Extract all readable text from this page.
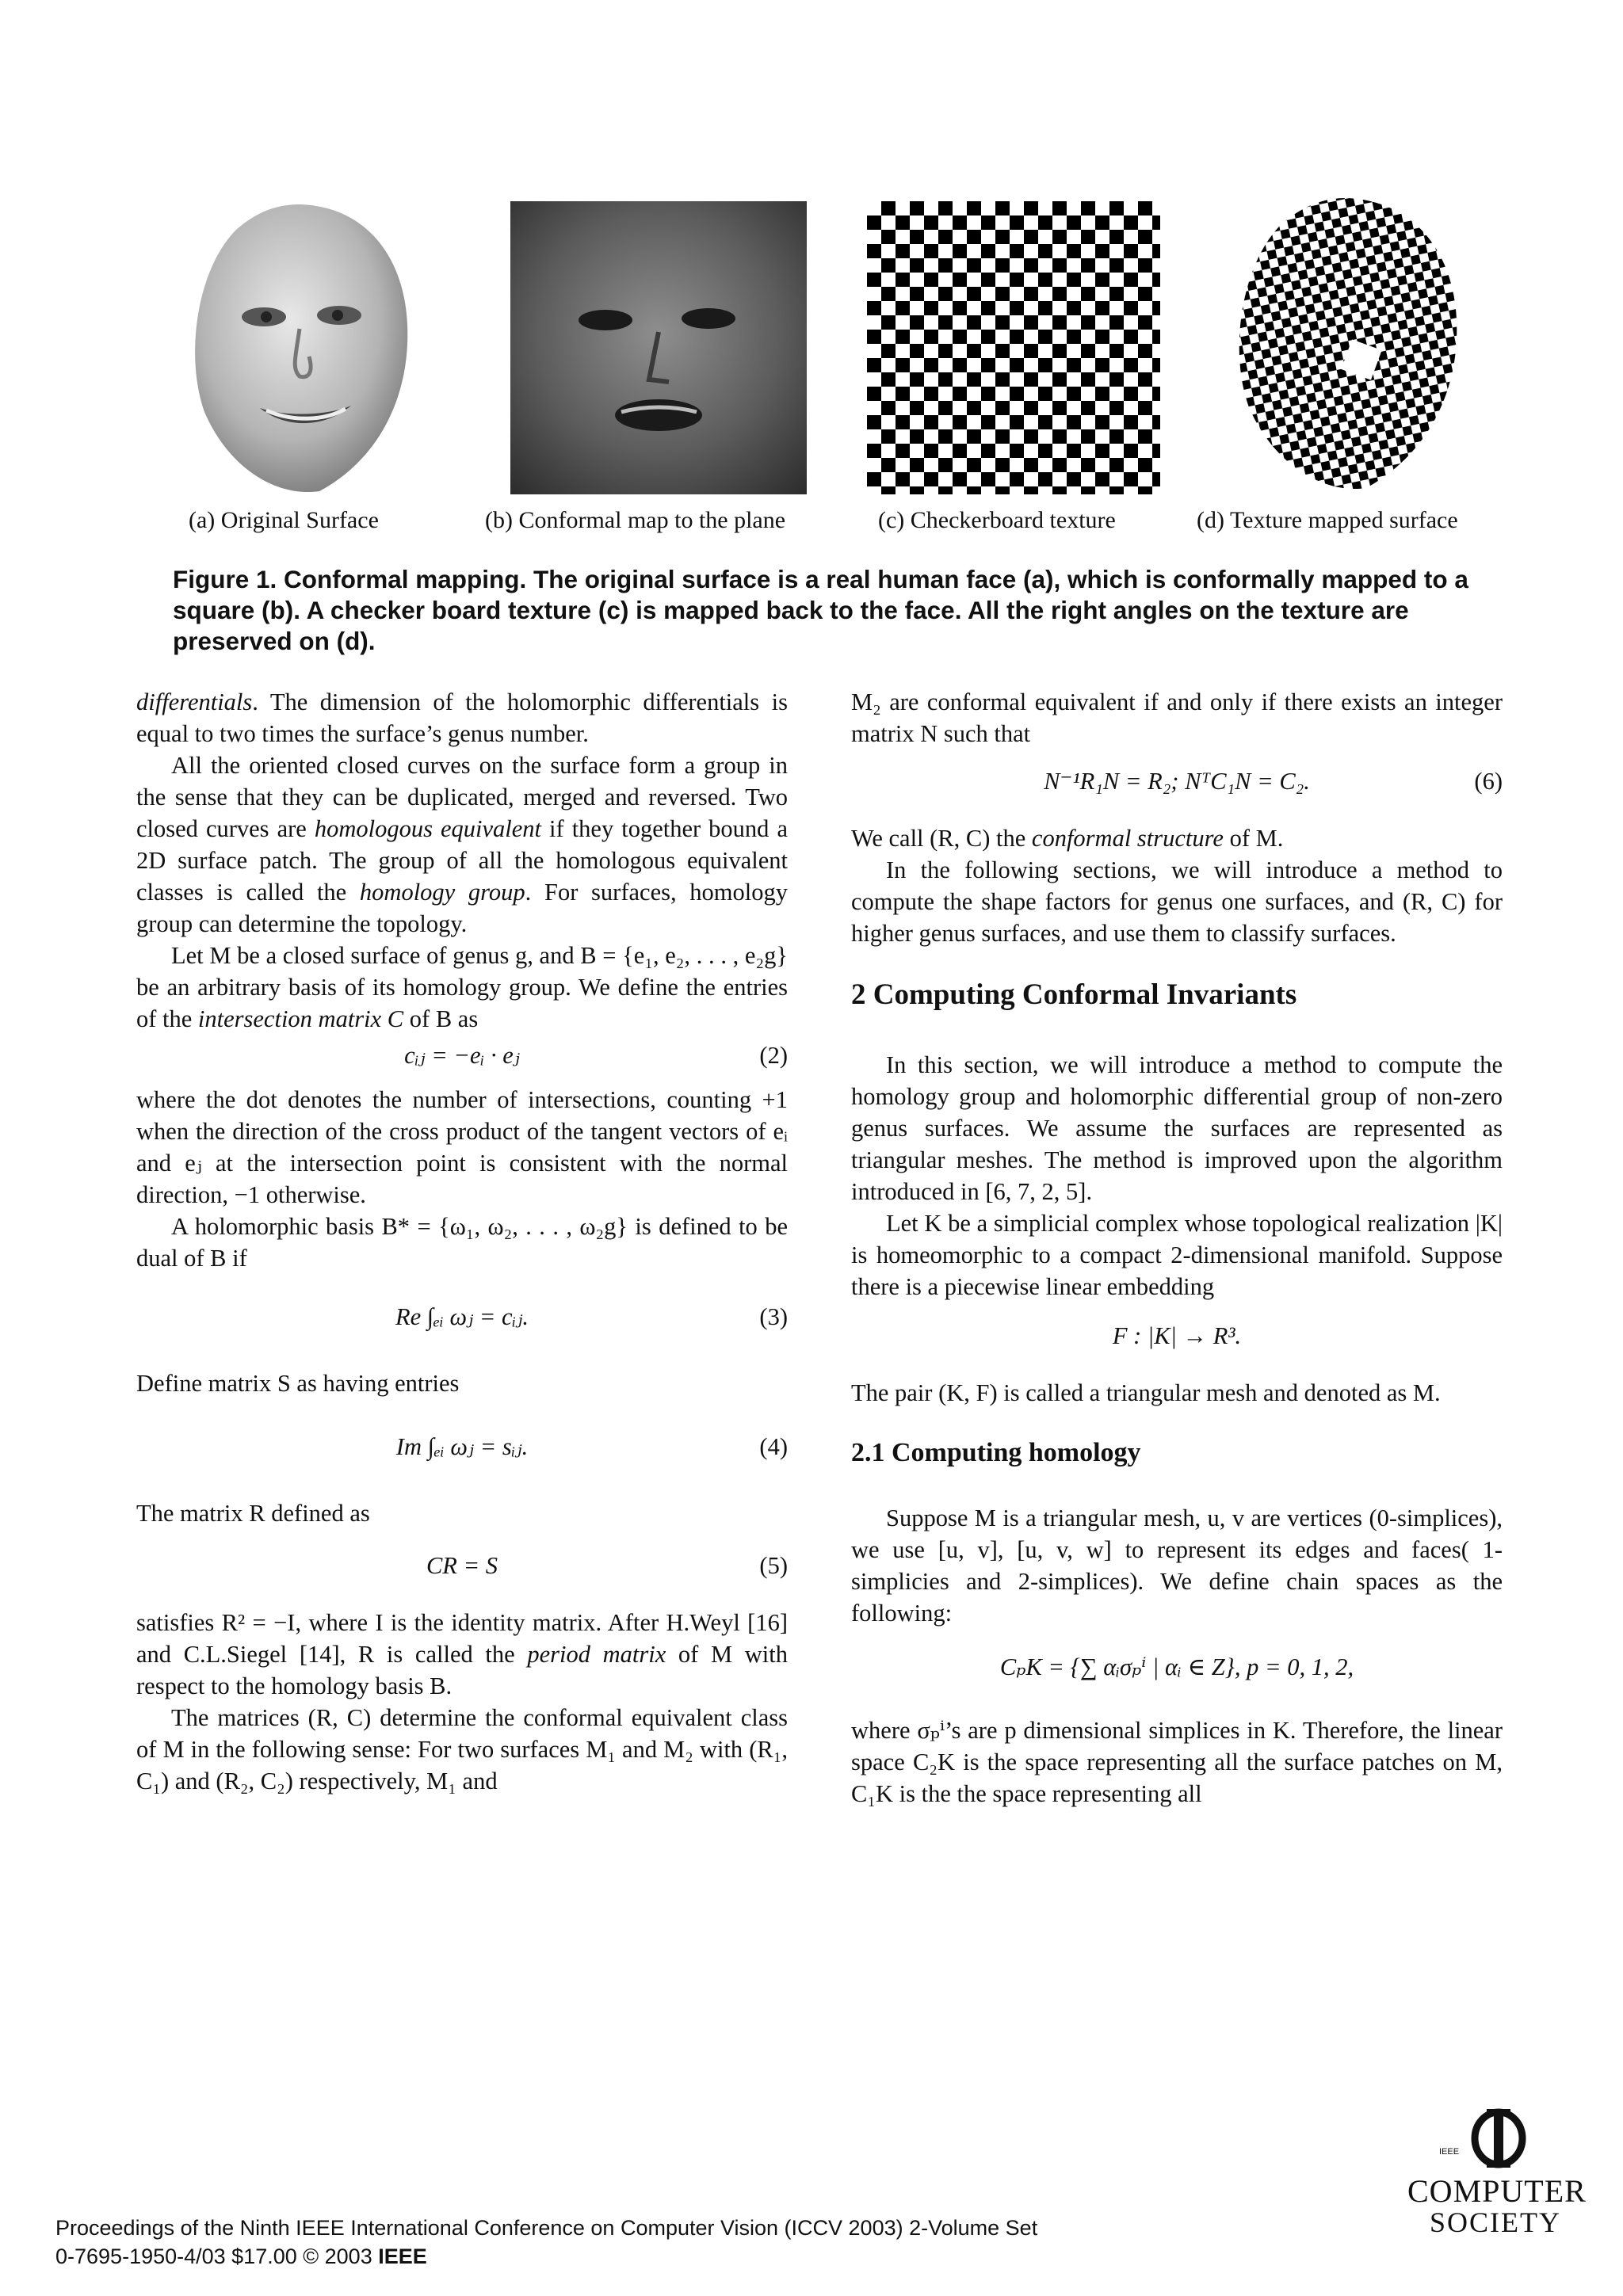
(a) Original Surface	(b) Conformal map to the plane	(c) Checkerboard texture	(d) Texture mapped surface
Figure 1. Conformal mapping. The original surface is a real human face (a), which is conformally mapped to a square (b). A checker board texture (c) is mapped back to the face. All the right angles on the texture are preserved on (d).

differentials. The dimension of the holomorphic differentials is equal to two times the surface’s genus number.

All the oriented closed curves on the surface form a group in the sense that they can be duplicated, merged and reversed. Two closed curves are homologous equivalent if they together bound a 2D surface patch. The group of all the homologous equivalent classes is called the homology group. For surfaces, homology group can determine the topology.

Let M be a closed surface of genus g, and B = {e₁, e₂, . . . , e₂g} be an arbitrary basis of its homology group. We define the entries of the intersection matrix C of B as

cᵢⱼ = −eᵢ · eⱼ	(2)

where the dot denotes the number of intersections, counting +1 when the direction of the cross product of the tangent vectors of eᵢ and eⱼ at the intersection point is consistent with the normal direction, −1 otherwise.

A holomorphic basis B* = {ω₁, ω₂, . . . , ω₂g} is defined to be dual of B if

Re ∫ₑᵢ ωⱼ = cᵢⱼ.	(3)

Define matrix S as having entries

Im ∫ₑᵢ ωⱼ = sᵢⱼ.	(4)

The matrix R defined as

CR = S	(5)

satisfies R² = −I, where I is the identity matrix. After H.Weyl [16] and C.L.Siegel [14], R is called the period matrix of M with respect to the homology basis B.

The matrices (R, C) determine the conformal equivalent class of M in the following sense: For two surfaces M₁ and M₂ with (R₁, C₁) and (R₂, C₂) respectively, M₁ and

M₂ are conformal equivalent if and only if there exists an integer matrix N such that

N⁻¹R₁N = R₂; NᵀC₁N = C₂.	(6)

We call (R, C) the conformal structure of M.

In the following sections, we will introduce a method to compute the shape factors for genus one surfaces, and (R, C) for higher genus surfaces, and use them to classify surfaces.

2 Computing Conformal Invariants

In this section, we will introduce a method to compute the homology group and holomorphic differential group of non-zero genus surfaces. We assume the surfaces are represented as triangular meshes. The method is improved upon the algorithm introduced in [6, 7, 2, 5].

Let K be a simplicial complex whose topological realization |K| is homeomorphic to a compact 2-dimensional manifold. Suppose there is a piecewise linear embedding

F : |K| → R³.

The pair (K, F) is called a triangular mesh and denoted as M.

2.1 Computing homology

Suppose M is a triangular mesh, u, v are vertices (0-simplices), we use [u, v], [u, v, w] to represent its edges and faces( 1-simplicies and 2-simplices). We define chain spaces as the following:

CₚK = {∑ αᵢσₚⁱ | αᵢ ∈ Z}, p = 0, 1, 2,

where σₚⁱ’s are p dimensional simplices in K. Therefore, the linear space C₂K is the space representing all the surface patches on M, C₁K is the the space representing all

Proceedings of the Ninth IEEE International Conference on Computer Vision (ICCV 2003) 2-Volume Set
0-7695-1950-4/03 $17.00 © 2003 IEEE
IEEE
COMPUTER
SOCIETY
